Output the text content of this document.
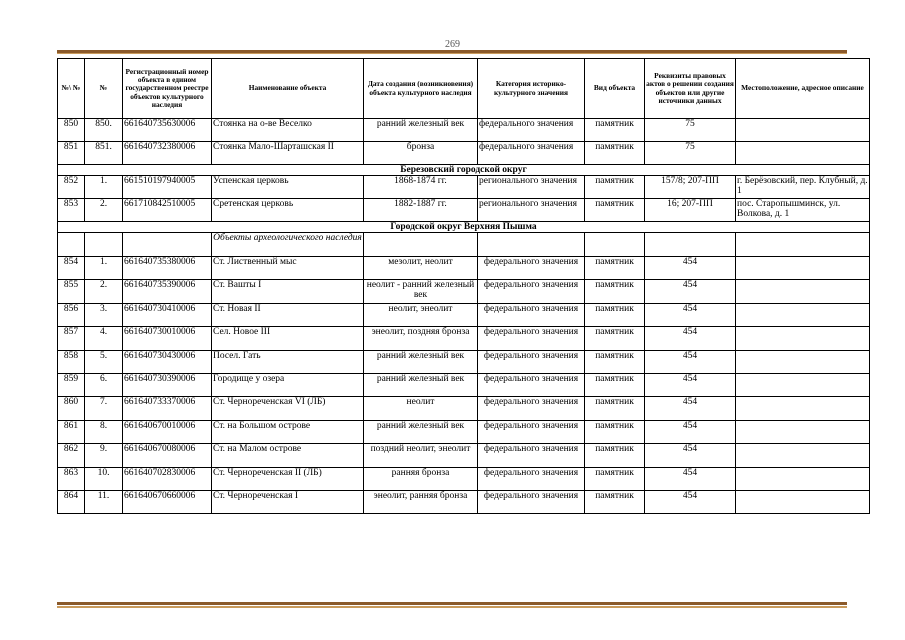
269
№\ №	№	Регистрационный номер объекта в едином государственном реестре объектов культурного наследия	Наименование объекта	Дата создания (возникновения) объекта культурного наследия	Категория историко-культурного значения	Вид объекта	Реквизиты правовых актов о решении создания объектов или другие источники данных	Местоположение, адресное описание
850	850.	661640735630006	Стоянка на о-ве Веселко	ранний железный век	федерального значения	памятник	75	
851	851.	661640732380006	Стоянка Мало-Шарташская II	бронза	федерального значения	памятник	75	
Березовский городской округ								
852	1.	661510197940005	Успенская церковь	1868-1874 гг.	регионального значения	памятник	157/8; 207-ПП	г. Берёзовский, пер. Клубный, д. 1
853	2.	661710842510005	Сретенская церковь	1882-1887 гг.	регионального значения	памятник	16; 207-ПП	пос. Старопышминск, ул. Волкова, д. 1
Городской округ Верхняя Пышма								
			Объекты археологического наследия					
854	1.	661640735380006	Ст. Лиственный мыс	мезолит, неолит	федерального значения	памятник	454	
855	2.	661640735390006	Ст. Вашты I	неолит - ранний железный век	федерального значения	памятник	454	
856	3.	661640730410006	Ст. Новая II	неолит, энеолит	федерального значения	памятник	454	
857	4.	661640730010006	Сел. Новое III	энеолит, поздняя бронза	федерального значения	памятник	454	
858	5.	661640730430006	Посел. Гать	ранний железный век	федерального значения	памятник	454	
859	6.	661640730390006	Городище у озера	ранний железный век	федерального значения	памятник	454	
860	7.	661640733370006	Ст. Чернореченская VI (ЛБ)	неолит	федерального значения	памятник	454	
861	8.	661640670010006	Ст. на Большом острове	ранний железный век	федерального значения	памятник	454	
862	9.	661640670080006	Ст. на Малом острове	поздний неолит, энеолит	федерального значения	памятник	454	
863	10.	661640702830006	Ст. Чернореченская II (ЛБ)	ранняя бронза	федерального значения	памятник	454	
864	11.	661640670660006	Ст. Чернореченская I	энеолит, ранняя бронза	федерального значения	памятник	454	
